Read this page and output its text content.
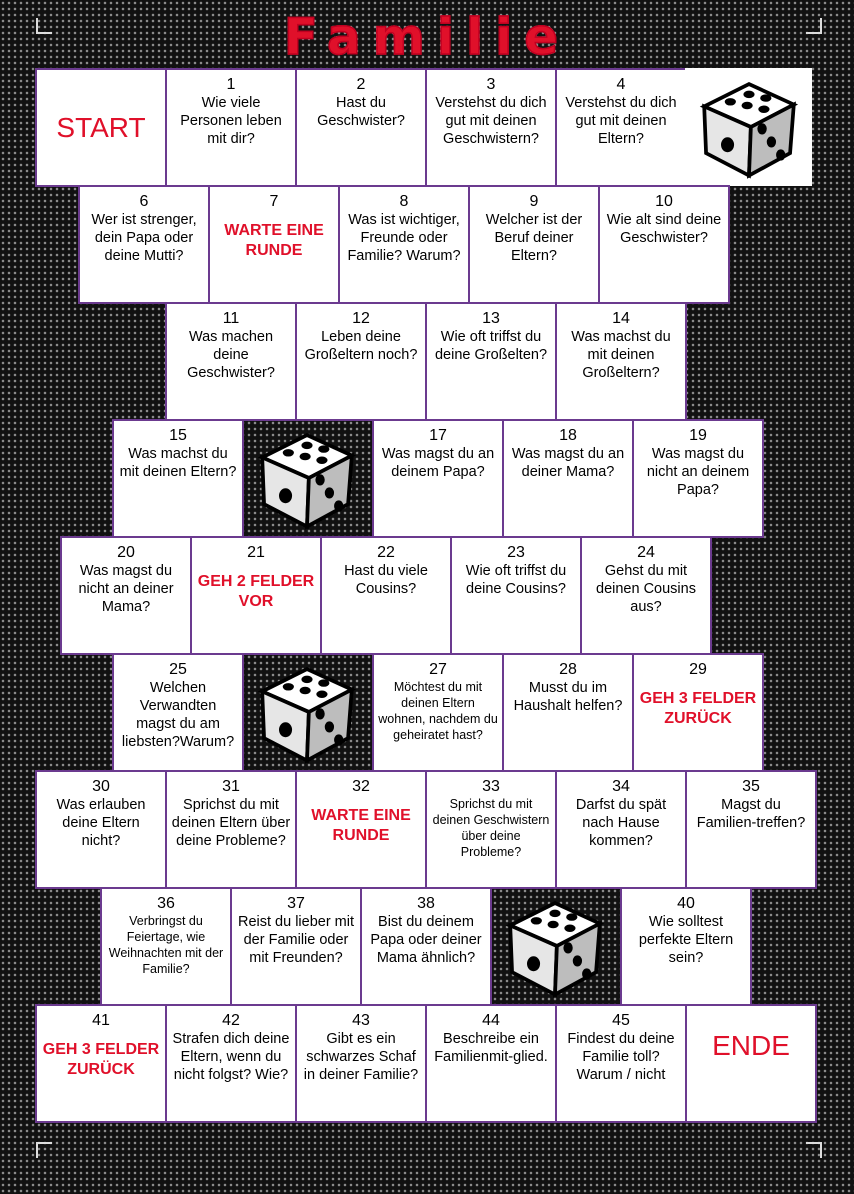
Familie
START
1
Wie viele Personen leben mit dir?
2
Hast du Geschwister?
3
Verstehst du dich gut mit deinen Geschwistern?
4
Verstehst du dich gut mit deinen Eltern?
6
Wer ist strenger, dein Papa oder deine Mutti?
7
WARTE EINE RUNDE
8
Was ist wichtiger, Freunde oder Familie? Warum?
9
Welcher ist der Beruf deiner Eltern?
10
Wie alt sind deine Geschwister?
11
Was machen deine Geschwister?
12
Leben deine Großeltern noch?
13
Wie oft triffst du deine Großelten?
14
Was machst du mit deinen Großeltern?
15
Was machst du mit deinen Eltern?
17
Was magst du an deinem Papa?
18
Was magst du an deiner Mama?
19
Was magst du nicht an deinem Papa?
20
Was magst du nicht an deiner Mama?
21
GEH 2 FELDER VOR
22
Hast du viele Cousins?
23
Wie oft triffst du deine Cousins?
24
Gehst du mit deinen Cousins aus?
25
Welchen Verwandten magst du am liebsten?Warum?
27
Möchtest du mit deinen Eltern wohnen, nachdem du geheiratet hast?
28
Musst du im Haushalt helfen?
29
GEH 3 FELDER ZURÜCK
30
Was erlauben deine Eltern nicht?
31
Sprichst du mit deinen Eltern über deine Probleme?
32
WARTE EINE RUNDE
33
Sprichst du mit deinen Geschwistern über deine Probleme?
34
Darfst du spät nach Hause kommen?
35
Magst du Familien-treffen?
36
Verbringst du Feiertage, wie Weihnachten mit der Familie?
37
Reist du lieber mit der Familie oder mit Freunden?
38
Bist du deinem Papa oder deiner Mama ähnlich?
40
Wie solltest perfekte Eltern sein?
41
GEH 3 FELDER ZURÜCK
42
Strafen dich deine Eltern, wenn du nicht folgst? Wie?
43
Gibt es ein schwarzes Schaf in deiner Familie?
44
Beschreibe ein Familienmit-glied.
45
Findest du deine Familie toll? Warum / nicht
ENDE
